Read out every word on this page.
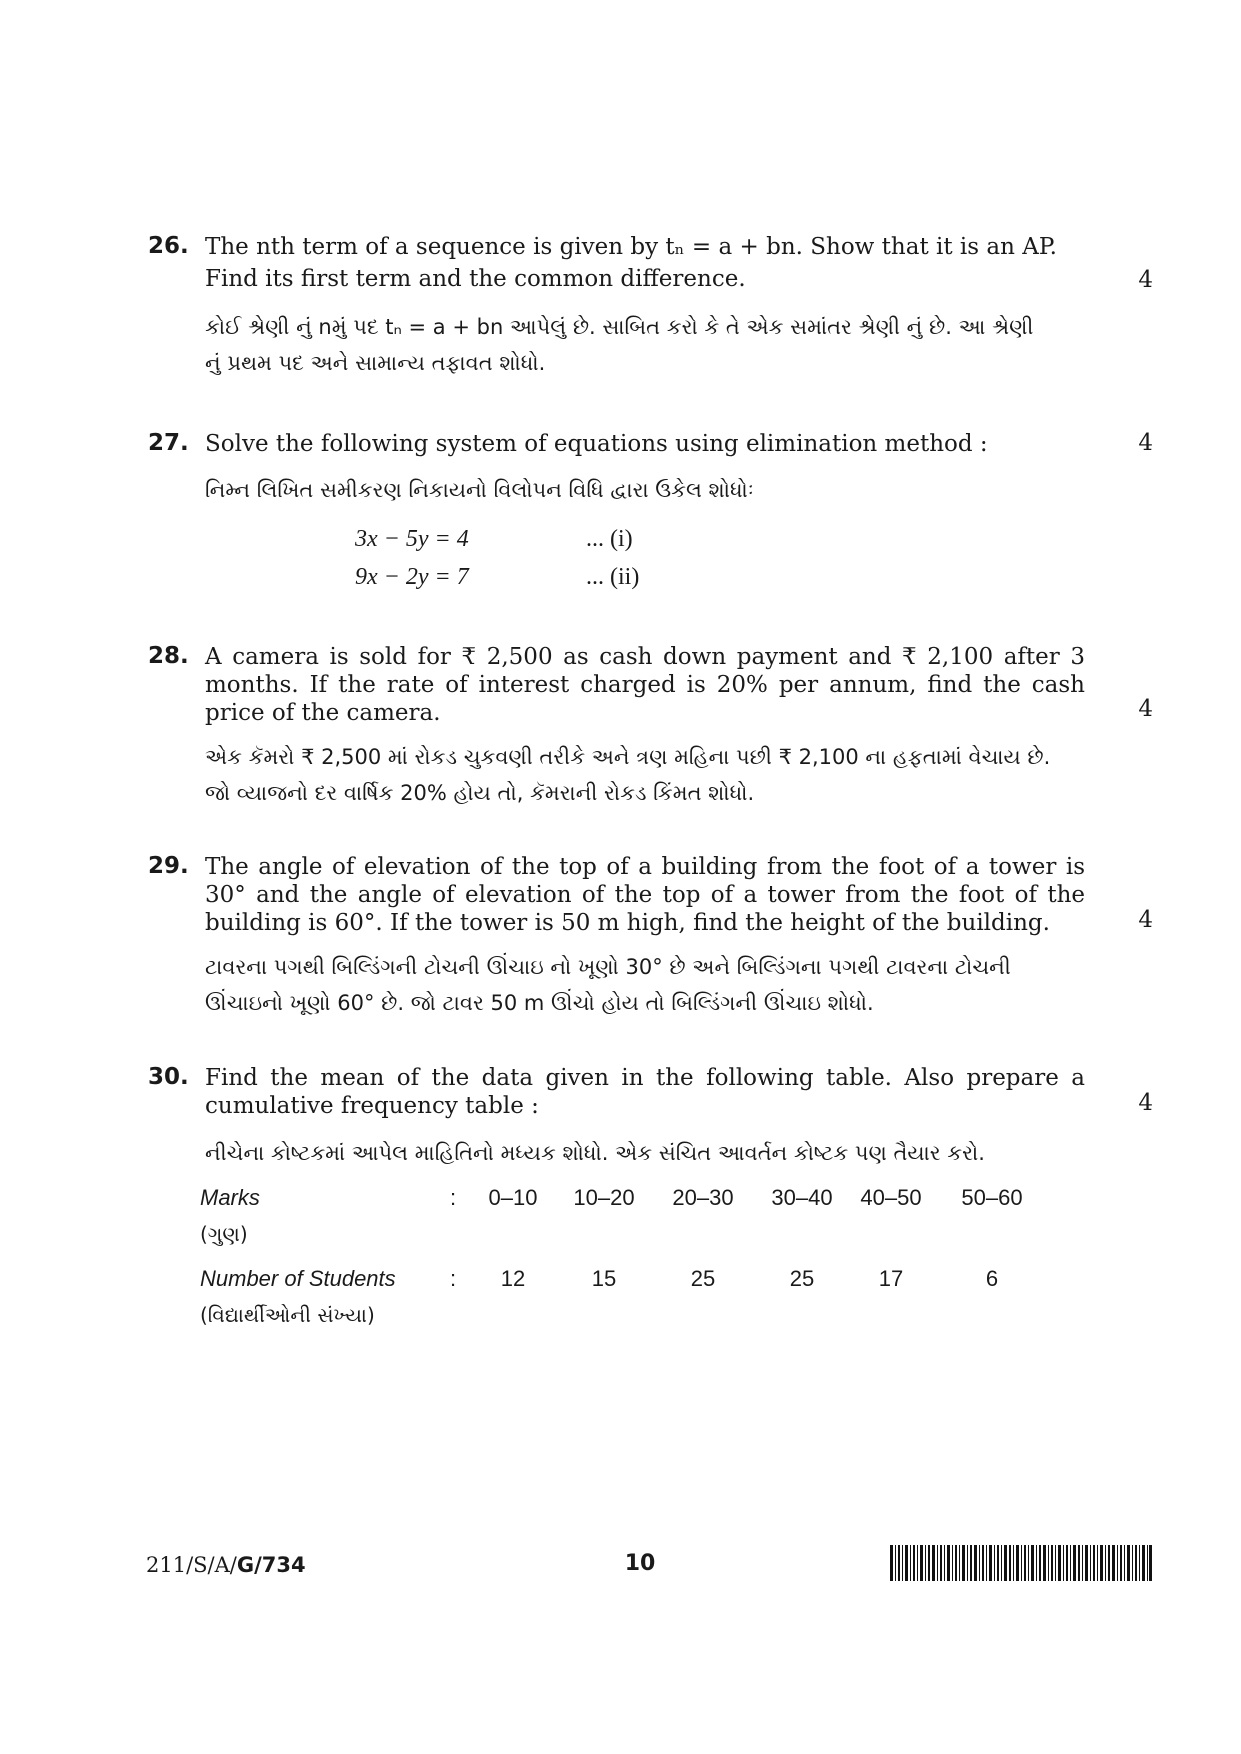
26. The nth term of a sequence is given by tₙ = a + bn. Show that it is an AP.
Find its first term and the common difference.	4
કોઈ શ્રેણી નું nમું પદ tₙ = a + bn આપેલું છે. સાબિત કરો કે તે એક સમાંતર શ્રેણી નું છે. આ શ્રેણી
નું પ્રથમ પદ અને સામાન્ય તફાવત શોધો.
27. Solve the following system of equations using elimination method :	4
નિમ્ન લિખિત સમીકરણ નિકાયનો વિલોપન વિધિ દ્વારા ઉકેલ શોધોઃ
3x − 5y = 4	... (i)
9x − 2y = 7	... (ii)
28. A camera is sold for ₹ 2,500 as cash down payment and ₹ 2,100 after 3 months. If the rate of interest charged is 20% per annum, find the cash price of the camera.	4
એક કૅમરો ₹ 2,500 માં રોકડ ચુકવણી તરીકે અને ત્રણ મહિના પછી ₹ 2,100 ના હફતામાં વેચાય છે.
જો વ્યાજનો દર વાર્ષિક 20% હોય તો, કૅમરાની રોકડ કિંમત શોધો.
29. The angle of elevation of the top of a building from the foot of a tower is 30° and the angle of elevation of the top of a tower from the foot of the building is 60°. If the tower is 50 m high, find the height of the building.	4
ટાવરના પગથી બિલ્ડિંગની ટોચની ઊંચાઇ નો ખૂણો 30° છે અને બિલ્ડિંગના પગથી ટાવરના ટોચની
ઊંચાઇનો ખૂણો 60° છે. જો ટાવર 50 m ઊંચો હોય તો બિલ્ડિંગની ઊંચાઇ શોધો.
30. Find the mean of the data given in the following table. Also prepare a cumulative frequency table :	4
નીચેના કોષ્ટકમાં આપેલ માહિતિનો મધ્યક શોધો. એક સંચિત આવર્તન કોષ્ટક પણ તૈયાર કરો.
Marks
(ગુણ)
:	0–10	10–20	20–30	30–40	40–50	50–60
Number of Students
(વિદ્યાર્થીઓની સંખ્યા)
:	12	15	25	25	17	6
211/S/A/G/734	10
